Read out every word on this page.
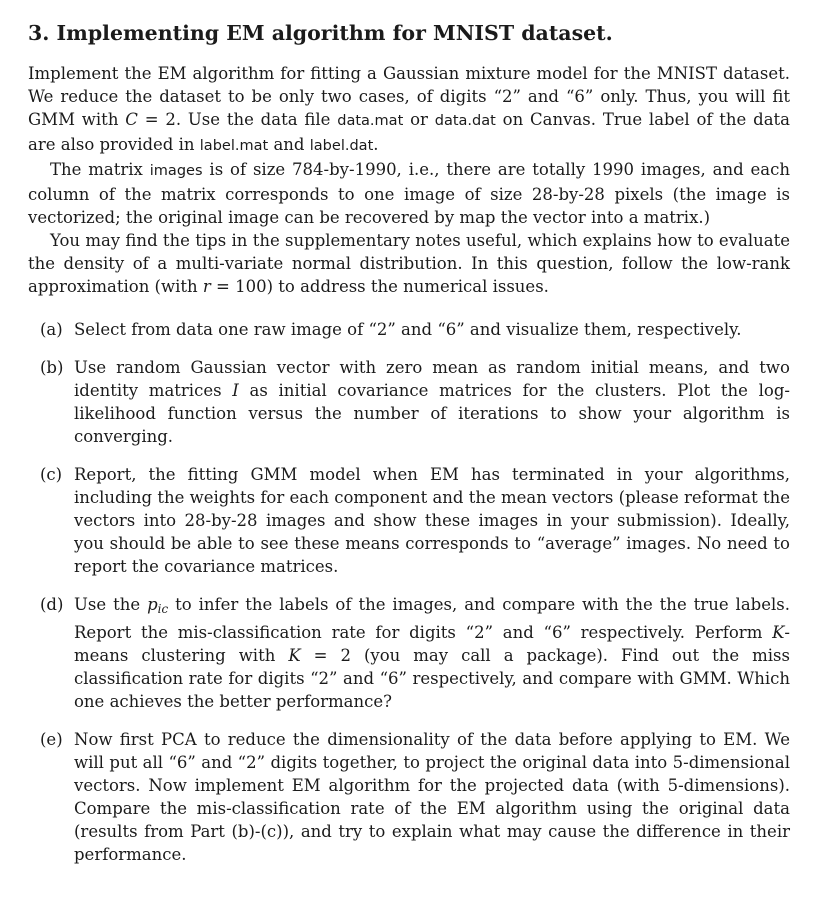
3. Implementing EM algorithm for MNIST dataset.

Implement the EM algorithm for fitting a Gaussian mixture model for the MNIST dataset. We reduce the dataset to be only two cases, of digits “2” and “6” only. Thus, you will fit GMM with C = 2. Use the data file data.mat or data.dat on Canvas. True label of the data are also provided in label.mat and label.dat.

The matrix images is of size 784-by-1990, i.e., there are totally 1990 images, and each column of the matrix corresponds to one image of size 28-by-28 pixels (the image is vectorized; the original image can be recovered by map the vector into a matrix.)

You may find the tips in the supplementary notes useful, which explains how to evaluate the density of a multi-variate normal distribution. In this question, follow the low-rank approximation (with r = 100) to address the numerical issues.

(a) Select from data one raw image of “2” and “6” and visualize them, respectively.
(b) Use random Gaussian vector with zero mean as random initial means, and two identity matrices I as initial covariance matrices for the clusters. Plot the log-likelihood function versus the number of iterations to show your algorithm is converging.
(c) Report, the fitting GMM model when EM has terminated in your algorithms, including the weights for each component and the mean vectors (please reformat the vectors into 28-by-28 images and show these images in your submission). Ideally, you should be able to see these means corresponds to “average” images. No need to report the covariance matrices.
(d) Use the $p_{ic}$ to infer the labels of the images, and compare with the the true labels. Report the mis-classification rate for digits “2” and “6” respectively. Perform K-means clustering with K = 2 (you may call a package). Find out the miss classification rate for digits “2” and “6” respectively, and compare with GMM. Which one achieves the better performance?
(e) Now first PCA to reduce the dimensionality of the data before applying to EM. We will put all “6” and “2” digits together, to project the original data into 5-dimensional vectors. Now implement EM algorithm for the projected data (with 5-dimensions). Compare the mis-classification rate of the EM algorithm using the original data (results from Part (b)-(c)), and try to explain what may cause the difference in their performance.
